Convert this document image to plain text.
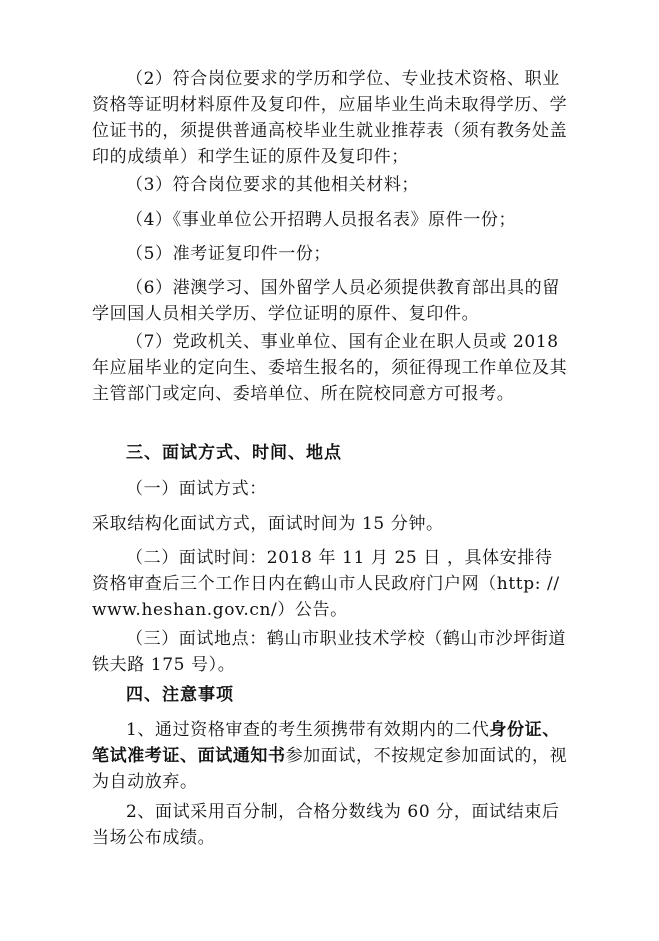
（2）符合岗位要求的学历和学位、专业技术资格、职业资格等证明材料原件及复印件，应届毕业生尚未取得学历、学位证书的，须提供普通高校毕业生就业推荐表（须有教务处盖印的成绩单）和学生证的原件及复印件；

（3）符合岗位要求的其他相关材料；

（4）《事业单位公开招聘人员报名表》原件一份；

（5）准考证复印件一份；

（6）港澳学习、国外留学人员必须提供教育部出具的留学回国人员相关学历、学位证明的原件、复印件。

（7）党政机关、事业单位、国有企业在职人员或 2018 年应届毕业的定向生、委培生报名的，须征得现工作单位及其主管部门或定向、委培单位、所在院校同意方可报考。

三、面试方式、时间、地点

（一）面试方式：

采取结构化面试方式，面试时间为 15 分钟。

（二）面试时间：2018 年 11 月 25 日 ，具体安排待资格审查后三个工作日内在鹤山市人民政府门户网（http: //www.heshan.gov.cn/）公告。

（三）面试地点：鹤山市职业技术学校（鹤山市沙坪街道铁夫路 175 号）。

四、注意事项

1、通过资格审查的考生须携带有效期内的二代身份证、笔试准考证、面试通知书参加面试，不按规定参加面试的，视为自动放弃。

2、面试采用百分制，合格分数线为 60 分，面试结束后当场公布成绩。
